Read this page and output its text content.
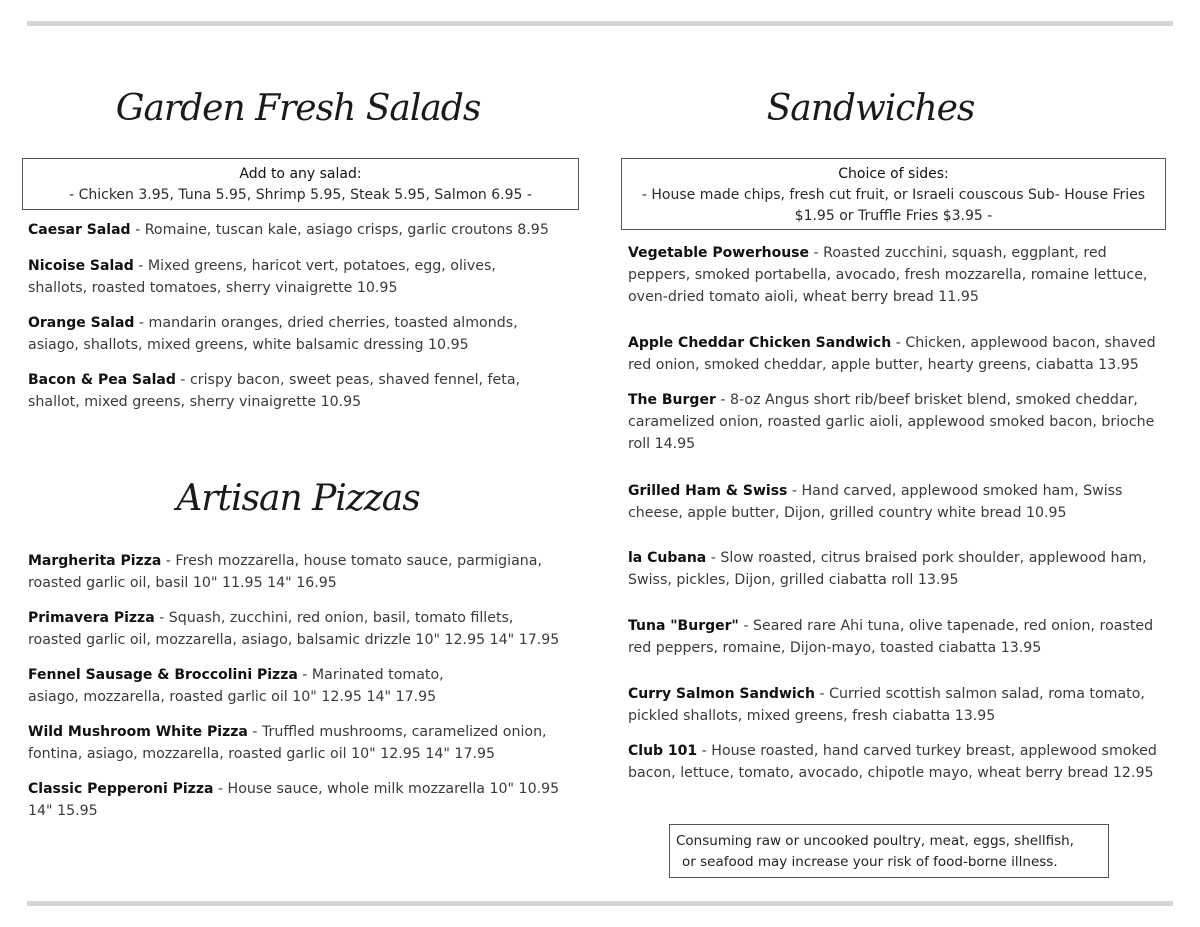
Garden Fresh Salads
Add to any salad:
- Chicken 3.95, Tuna 5.95, Shrimp 5.95, Steak 5.95, Salmon 6.95 -
Caesar Salad - Romaine, tuscan kale, asiago crisps, garlic croutons 8.95
Nicoise Salad - Mixed greens, haricot vert, potatoes, egg, olives, shallots, roasted tomatoes, sherry vinaigrette 10.95
Orange Salad - mandarin oranges, dried cherries, toasted almonds, asiago, shallots, mixed greens, white balsamic dressing 10.95
Bacon & Pea Salad - crispy bacon, sweet peas, shaved fennel, feta, shallot, mixed greens, sherry vinaigrette 10.95
Artisan Pizzas
Margherita Pizza - Fresh mozzarella, house tomato sauce, parmigiana, roasted garlic oil, basil 10" 11.95 14" 16.95
Primavera Pizza - Squash, zucchini, red onion, basil, tomato fillets, roasted garlic oil, mozzarella, asiago, balsamic drizzle 10" 12.95 14" 17.95
Fennel Sausage & Broccolini Pizza - Marinated tomato, asiago, mozzarella, roasted garlic oil 10" 12.95 14" 17.95
Wild Mushroom White Pizza - Truffled mushrooms, caramelized onion, fontina, asiago, mozzarella, roasted garlic oil 10" 12.95 14" 17.95
Classic Pepperoni Pizza - House sauce, whole milk mozzarella 10" 10.95 14" 15.95
Sandwiches
Choice of sides:
- House made chips, fresh cut fruit, or Israeli couscous Sub- House Fries $1.95 or Truffle Fries $3.95 -
Vegetable Powerhouse - Roasted zucchini, squash, eggplant, red peppers, smoked portabella, avocado, fresh mozzarella, romaine lettuce, oven-dried tomato aioli, wheat berry bread 11.95
Apple Cheddar Chicken Sandwich - Chicken, applewood bacon, shaved red onion, smoked cheddar, apple butter, hearty greens, ciabatta 13.95
The Burger - 8-oz Angus short rib/beef brisket blend, smoked cheddar, caramelized onion, roasted garlic aioli, applewood smoked bacon, brioche roll 14.95
Grilled Ham & Swiss - Hand carved, applewood smoked ham, Swiss cheese, apple butter, Dijon, grilled country white bread 10.95
la Cubana - Slow roasted, citrus braised pork shoulder, applewood ham, Swiss, pickles, Dijon, grilled ciabatta roll 13.95
Tuna "Burger" - Seared rare Ahi tuna, olive tapenade, red onion, roasted red peppers, romaine, Dijon-mayo, toasted ciabatta 13.95
Curry Salmon Sandwich - Curried scottish salmon salad, roma tomato, pickled shallots, mixed greens, fresh ciabatta 13.95
Club 101 - House roasted, hand carved turkey breast, applewood smoked bacon, lettuce, tomato, avocado, chipotle mayo, wheat berry bread 12.95
Consuming raw or uncooked poultry, meat, eggs, shellfish,
or seafood may increase your risk of food-borne illness.
